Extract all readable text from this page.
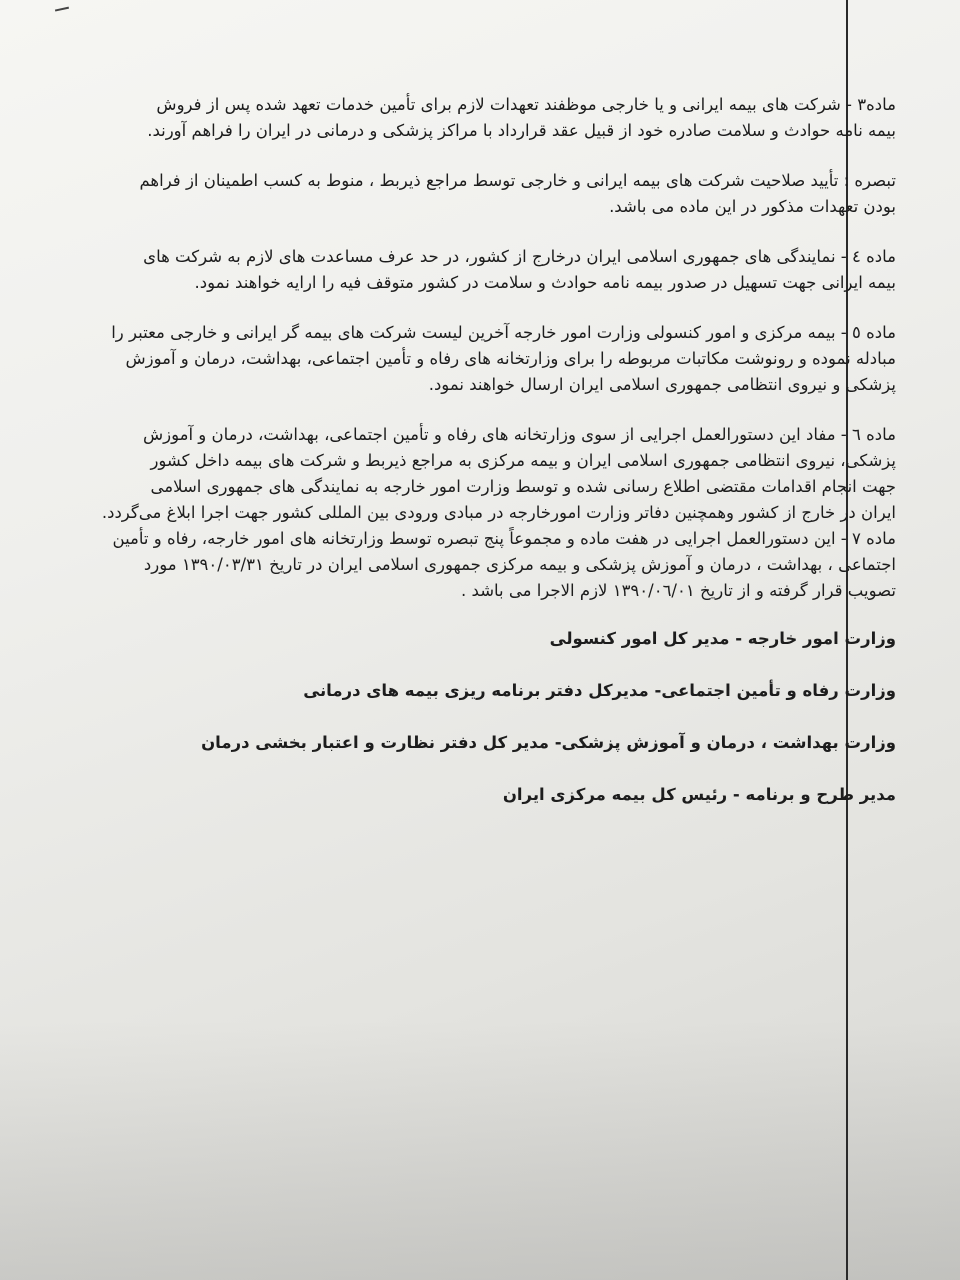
ماده۳ - شرکت های بیمه ایرانی و یا خارجی موظفند تعهدات لازم برای تأمین خدمات تعهد شده پس از فروش
بیمه نامه حوادث و سلامت صادره خود از قبیل عقد قرارداد با مراکز پزشکی و درمانی در ایران را فراهم آورند.
تبصره : تأیید صلاحیت شرکت های بیمه ایرانی و خارجی توسط مراجع ذیربط ، منوط به کسب اطمینان از فراهم
بودن تعهدات مذکور در این ماده می باشد.
ماده ٤ - نمایندگی های جمهوری اسلامی ایران درخارج از کشور، در حد عرف مساعدت های لازم به شرکت های
بیمه ایرانی جهت تسهیل در صدور بیمه نامه حوادث و سلامت در کشور متوقف فیه را ارایه خواهند نمود.
ماده ٥ - بیمه مرکزی و امور کنسولی وزارت امور خارجه آخرین لیست شرکت های بیمه گر ایرانی و خارجی معتبر را
مبادله نموده و رونوشت مکاتبات مربوطه را برای وزارتخانه های رفاه و تأمین اجتماعی، بهداشت، درمان و آموزش
پزشکی و نیروی انتظامی جمهوری اسلامی ایران ارسال خواهند نمود.
ماده ٦ - مفاد این دستورالعمل اجرایی از سوی وزارتخانه های رفاه و تأمین اجتماعی، بهداشت، درمان و آموزش
پزشکی، نیروی انتظامی جمهوری اسلامی ایران و بیمه مرکزی به مراجع ذیربط و شرکت های بیمه داخل کشور
جهت انجام اقدامات مقتضی اطلاع رسانی شده و توسط وزارت امور خارجه به نمایندگی های جمهوری اسلامی
ایران در خارج از کشور وهمچنین دفاتر وزارت امورخارجه در مبادی ورودی بین المللی کشور جهت اجرا ابلاغ می‌گردد.
ماده ۷ - این دستورالعمل اجرایی در هفت ماده و مجموعاً پنج تبصره توسط وزارتخانه های امور خارجه، رفاه و تأمین
اجتماعی ، بهداشت ، درمان و آموزش پزشکی و بیمه مرکزی جمهوری اسلامی ایران در تاریخ ۱۳۹۰/۰۳/۳۱ مورد
تصویب قرار گرفته و از تاریخ ۱۳۹۰/۰٦/۰۱ لازم الاجرا می باشد .
وزارت امور خارجه - مدیر کل امور کنسولی
وزارت رفاه و تأمین اجتماعی- مدیرکل دفتر برنامه ریزی بیمه های درمانی
وزارت بهداشت ، درمان و آموزش پزشکی- مدیر کل دفتر نظارت و اعتبار بخشی درمان
مدیر طرح و برنامه - رئیس کل بیمه مرکزی ایران
